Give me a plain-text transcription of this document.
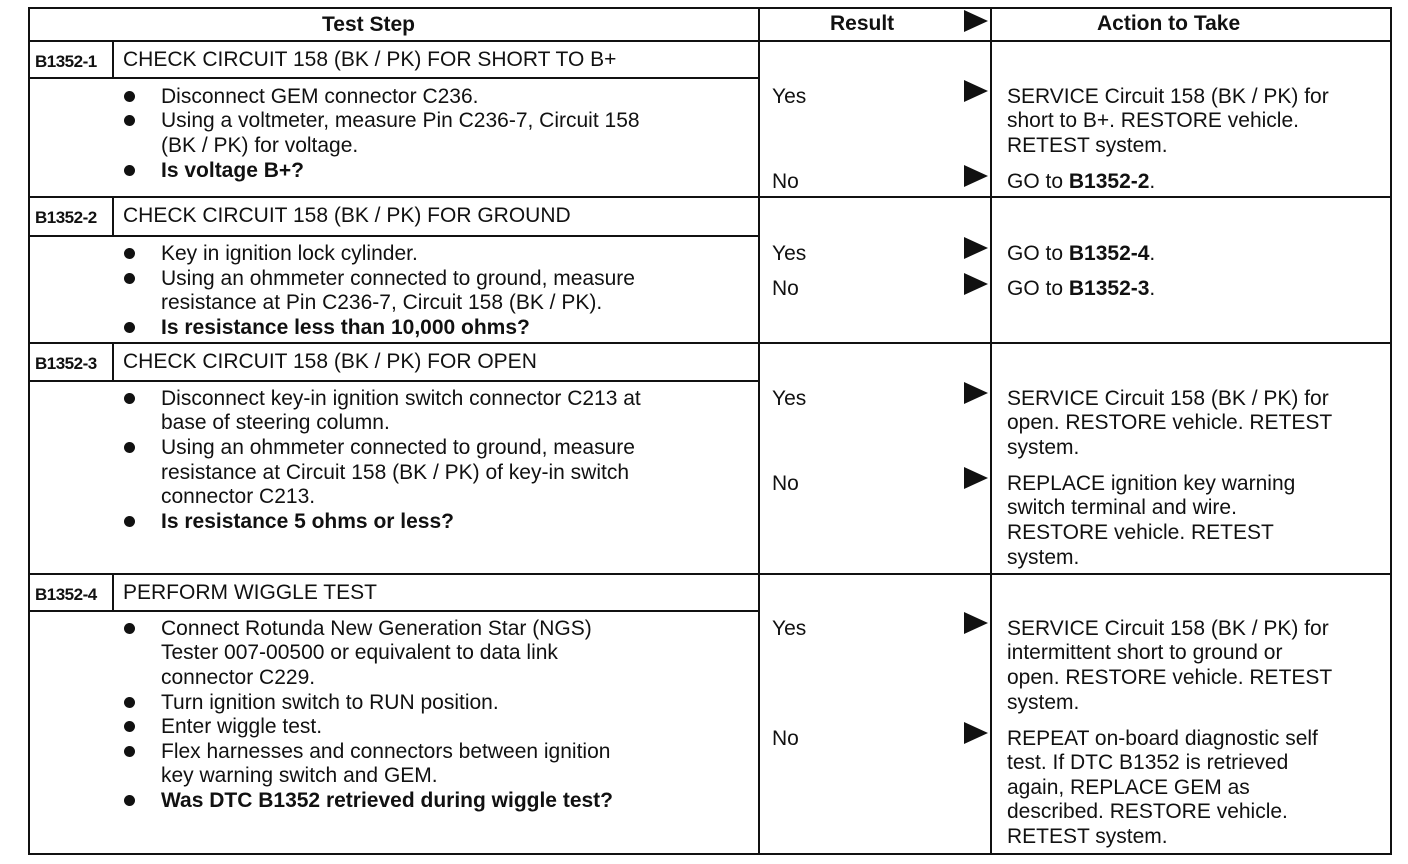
Test Step	Result	Action to Take
B1352-1 CHECK CIRCUIT 158 (BK / PK) FOR SHORT TO B+
Disconnect GEM connector C236.
Using a voltmeter, measure Pin C236-7, Circuit 158
(BK / PK) for voltage.
Is voltage B+?
Yes	SERVICE Circuit 158 (BK / PK) for
short to B+. RESTORE vehicle.
RETEST system.
No	GO to B1352-2.
B1352-2 CHECK CIRCUIT 158 (BK / PK) FOR GROUND
Key in ignition lock cylinder.
Using an ohmmeter connected to ground, measure
resistance at Pin C236-7, Circuit 158 (BK / PK).
Is resistance less than 10,000 ohms?
Yes	GO to B1352-4.
No	GO to B1352-3.
B1352-3 CHECK CIRCUIT 158 (BK / PK) FOR OPEN
Disconnect key-in ignition switch connector C213 at
base of steering column.
Using an ohmmeter connected to ground, measure
resistance at Circuit 158 (BK / PK) of key-in switch
connector C213.
Is resistance 5 ohms or less?
Yes	SERVICE Circuit 158 (BK / PK) for
open. RESTORE vehicle. RETEST
system.
No	REPLACE ignition key warning
switch terminal and wire.
RESTORE vehicle. RETEST
system.
B1352-4 PERFORM WIGGLE TEST
Connect Rotunda New Generation Star (NGS)
Tester 007-00500 or equivalent to data link
connector C229.
Turn ignition switch to RUN position.
Enter wiggle test.
Flex harnesses and connectors between ignition
key warning switch and GEM.
Was DTC B1352 retrieved during wiggle test?
Yes	SERVICE Circuit 158 (BK / PK) for
intermittent short to ground or
open. RESTORE vehicle. RETEST
system.
No	REPEAT on-board diagnostic self
test. If DTC B1352 is retrieved
again, REPLACE GEM as
described. RESTORE vehicle.
RETEST system.
